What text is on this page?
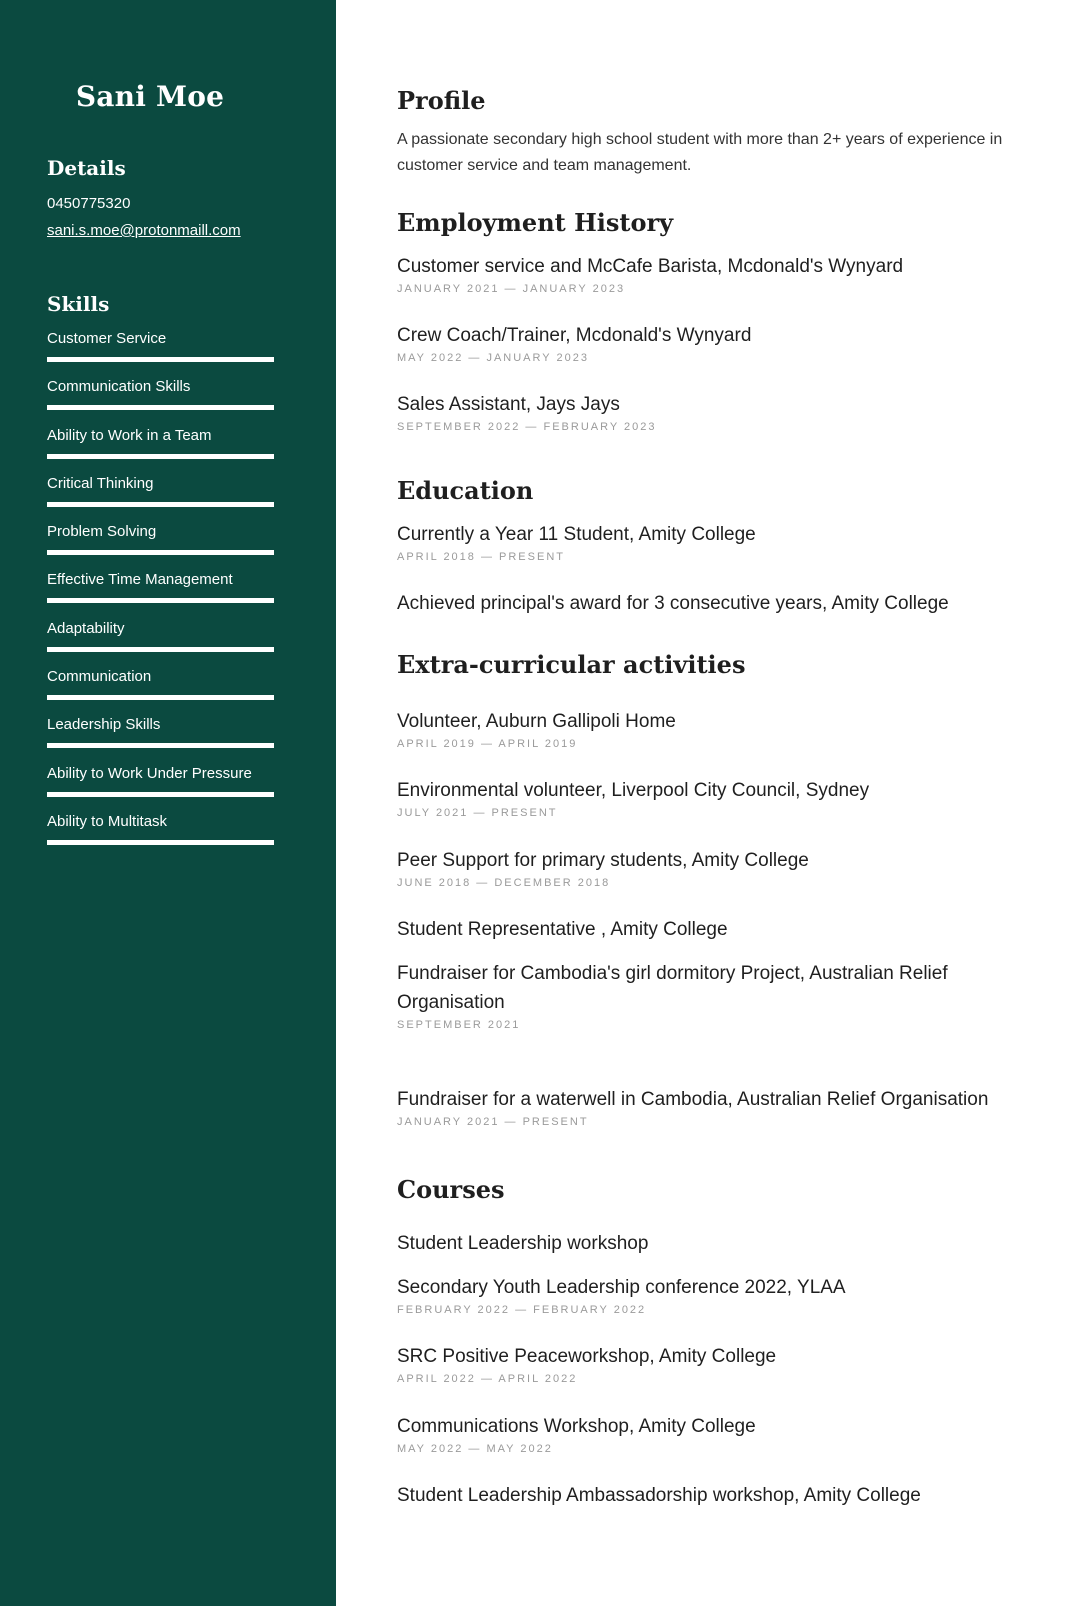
Sani Moe
Details
0450775320
sani.s.moe@protonmaill.com
Skills
Customer Service
Communication Skills
Ability to Work in a Team
Critical Thinking
Problem Solving
Effective Time Management
Adaptability
Communication
Leadership Skills
Ability to Work Under Pressure
Ability to Multitask
Profile

A passionate secondary high school student with more than 2+ years of experience in customer service and team management.

Employment History
Customer service and McCafe Barista, Mcdonald's Wynyard
JANUARY 2021 — JANUARY 2023
Crew Coach/Trainer, Mcdonald's Wynyard
MAY 2022 — JANUARY 2023
Sales Assistant, Jays Jays
SEPTEMBER 2022 — FEBRUARY 2023
Education
Currently a Year 11 Student, Amity College
APRIL 2018 — PRESENT
Achieved principal's award for 3 consecutive years, Amity College
Extra-curricular activities
Volunteer, Auburn Gallipoli Home
APRIL 2019 — APRIL 2019
Environmental volunteer, Liverpool City Council, Sydney
JULY 2021 — PRESENT
Peer Support for primary students, Amity College
JUNE 2018 — DECEMBER 2018
Student Representative , Amity College
Fundraiser for Cambodia's girl dormitory Project, Australian Relief Organisation
SEPTEMBER 2021
Fundraiser for a waterwell in Cambodia, Australian Relief Organisation
JANUARY 2021 — PRESENT
Courses
Student Leadership workshop
Secondary Youth Leadership conference 2022, YLAA
FEBRUARY 2022 — FEBRUARY 2022
SRC Positive Peaceworkshop, Amity College
APRIL 2022 — APRIL 2022
Communications Workshop, Amity College
MAY 2022 — MAY 2022
Student Leadership Ambassadorship workshop, Amity College
